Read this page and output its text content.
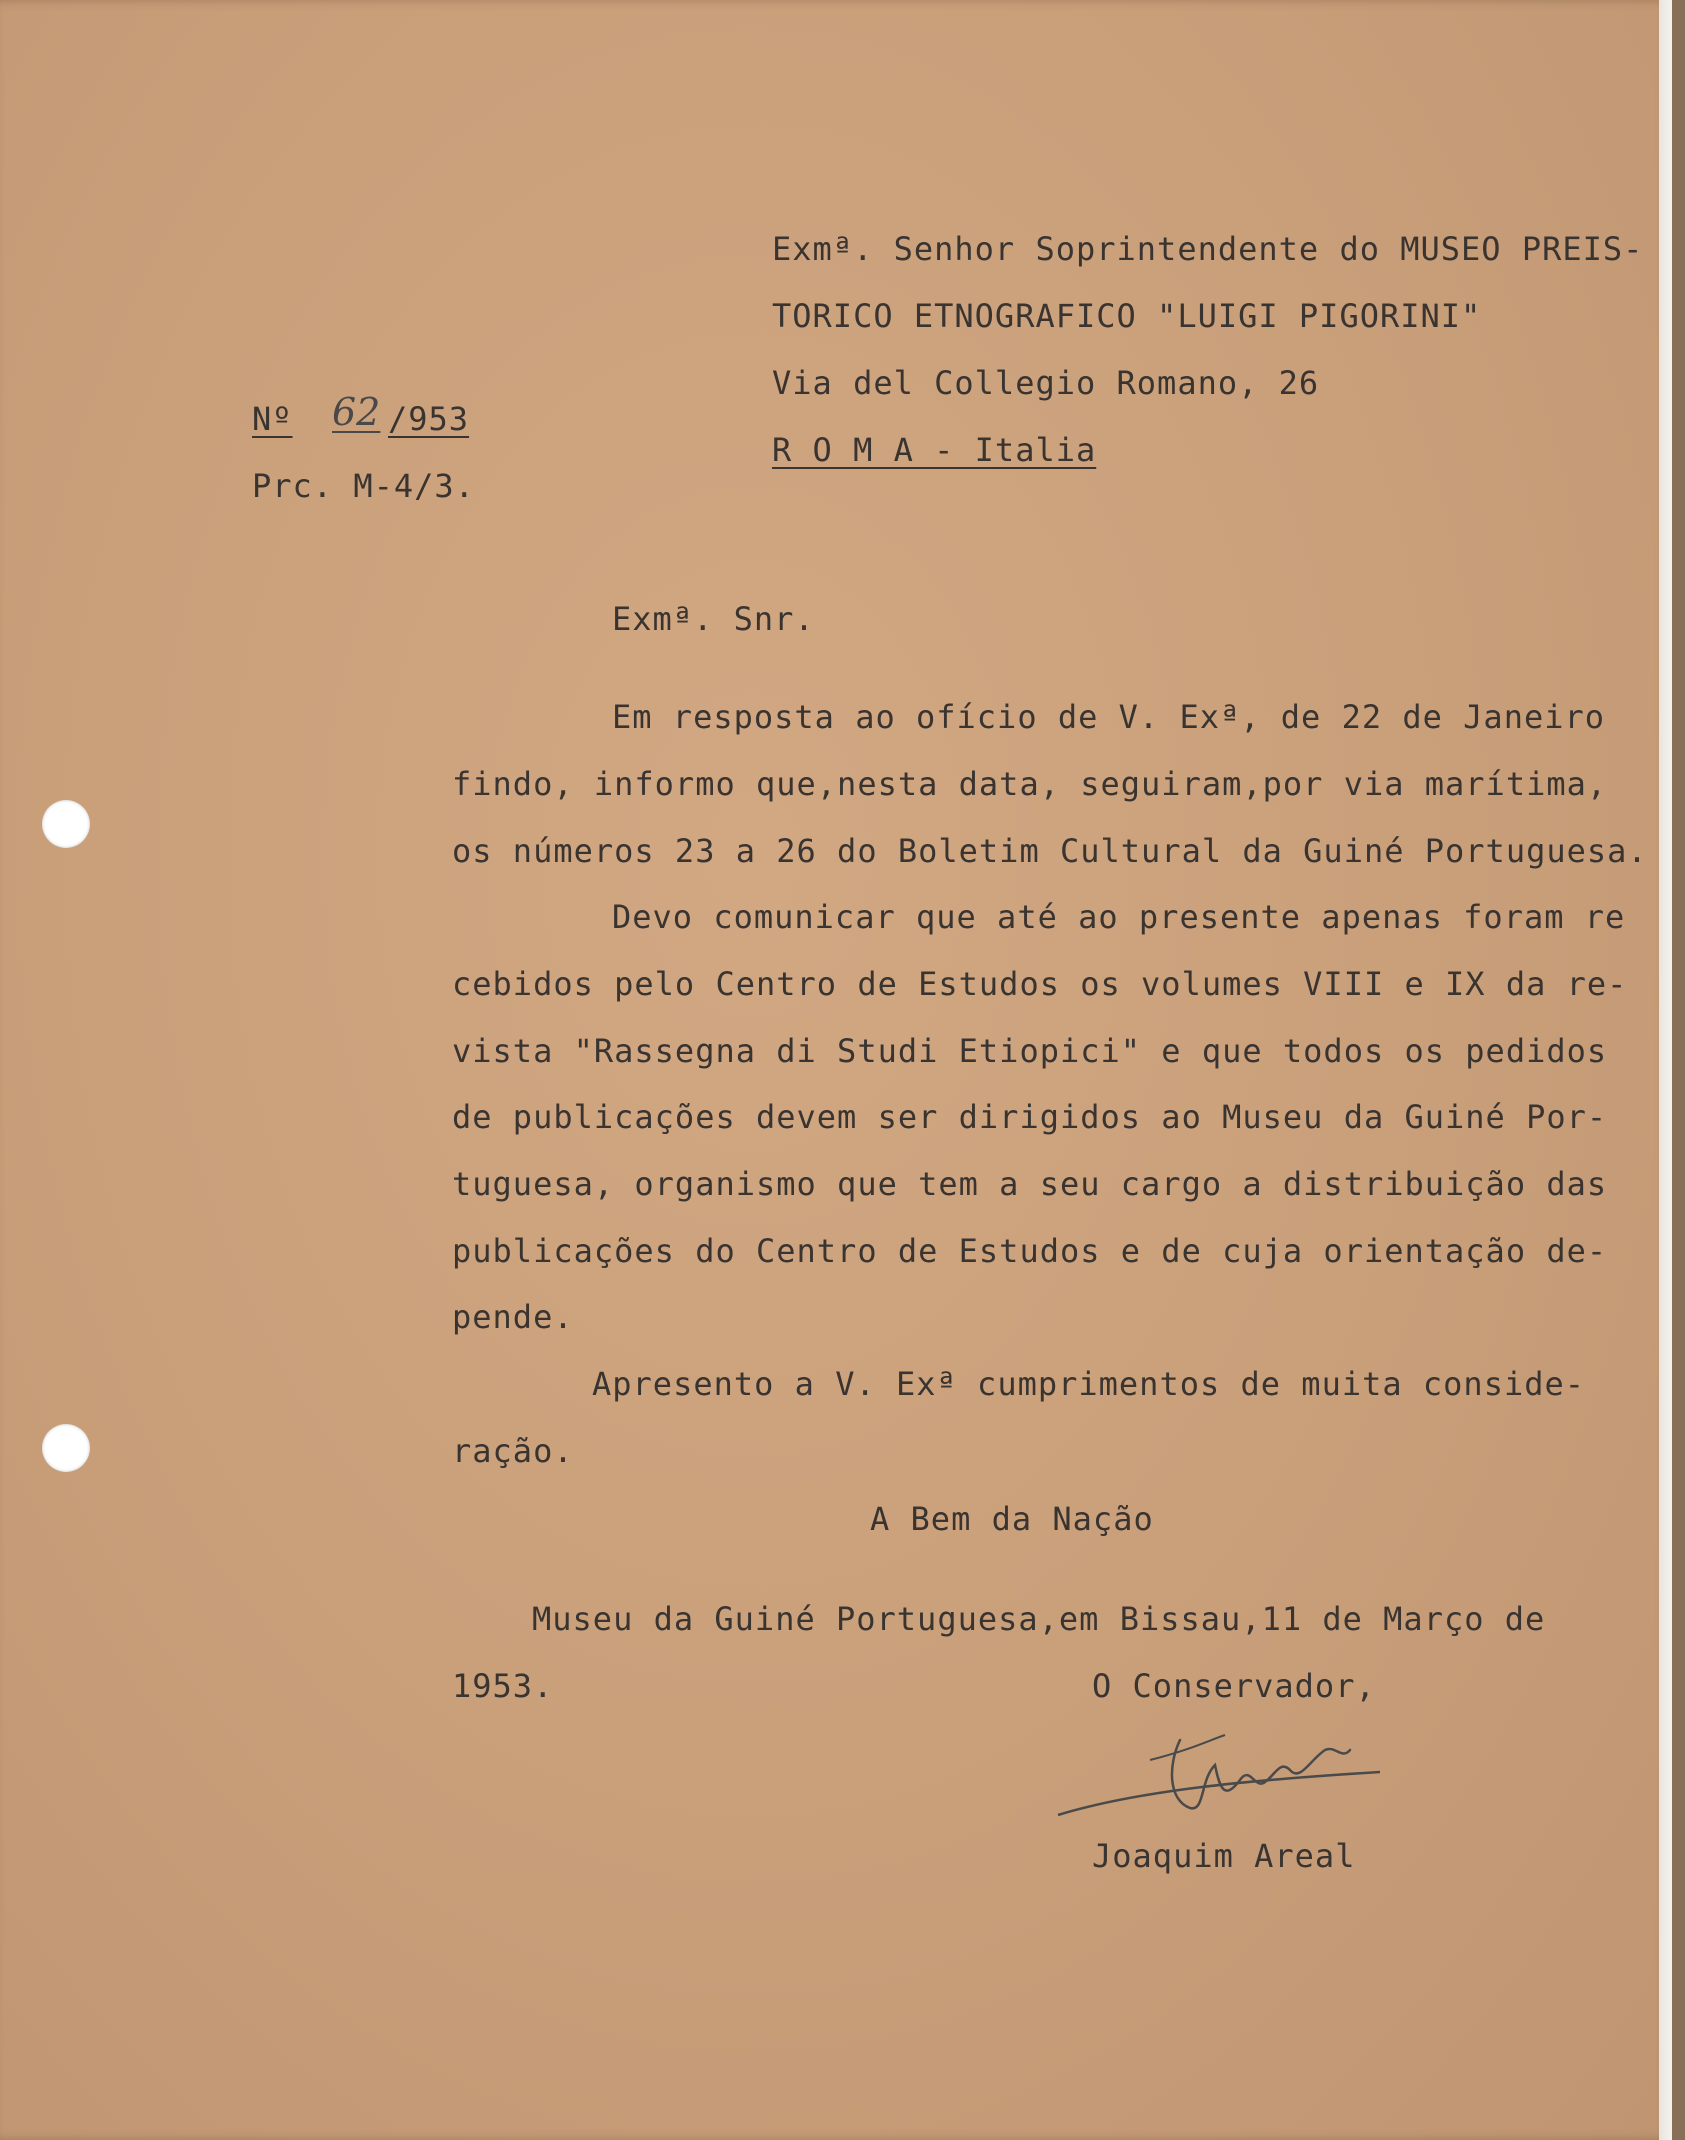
Exmª. Senhor Soprintendente do MUSEO PREIS-
TORICO ETNOGRAFICO "LUIGI PIGORINI"
Via del Collegio Romano, 26
R O M A - Italia
Nº 62 /953
Prc. M-4/3.
Exmª. Snr.
Em resposta ao ofício de V. Exª, de 22 de Janeiro
findo, informo que,nesta data, seguiram,por via marítima,
os números 23 a 26 do Boletim Cultural da Guiné Portuguesa.
Devo comunicar que até ao presente apenas foram re
cebidos pelo Centro de Estudos os volumes VIII e IX da re-
vista "Rassegna di Studi Etiopici" e que todos os pedidos
de publicações devem ser dirigidos ao Museu da Guiné Por-
tuguesa, organismo que tem a seu cargo a distribuição das
publicações do Centro de Estudos e de cuja orientação de-
pende.
Apresento a V. Exª cumprimentos de muita conside-
ração.
A Bem da Nação
Museu da Guiné Portuguesa,em Bissau,11 de Março de
1953.	O Conservador,
Joaquim Areal
